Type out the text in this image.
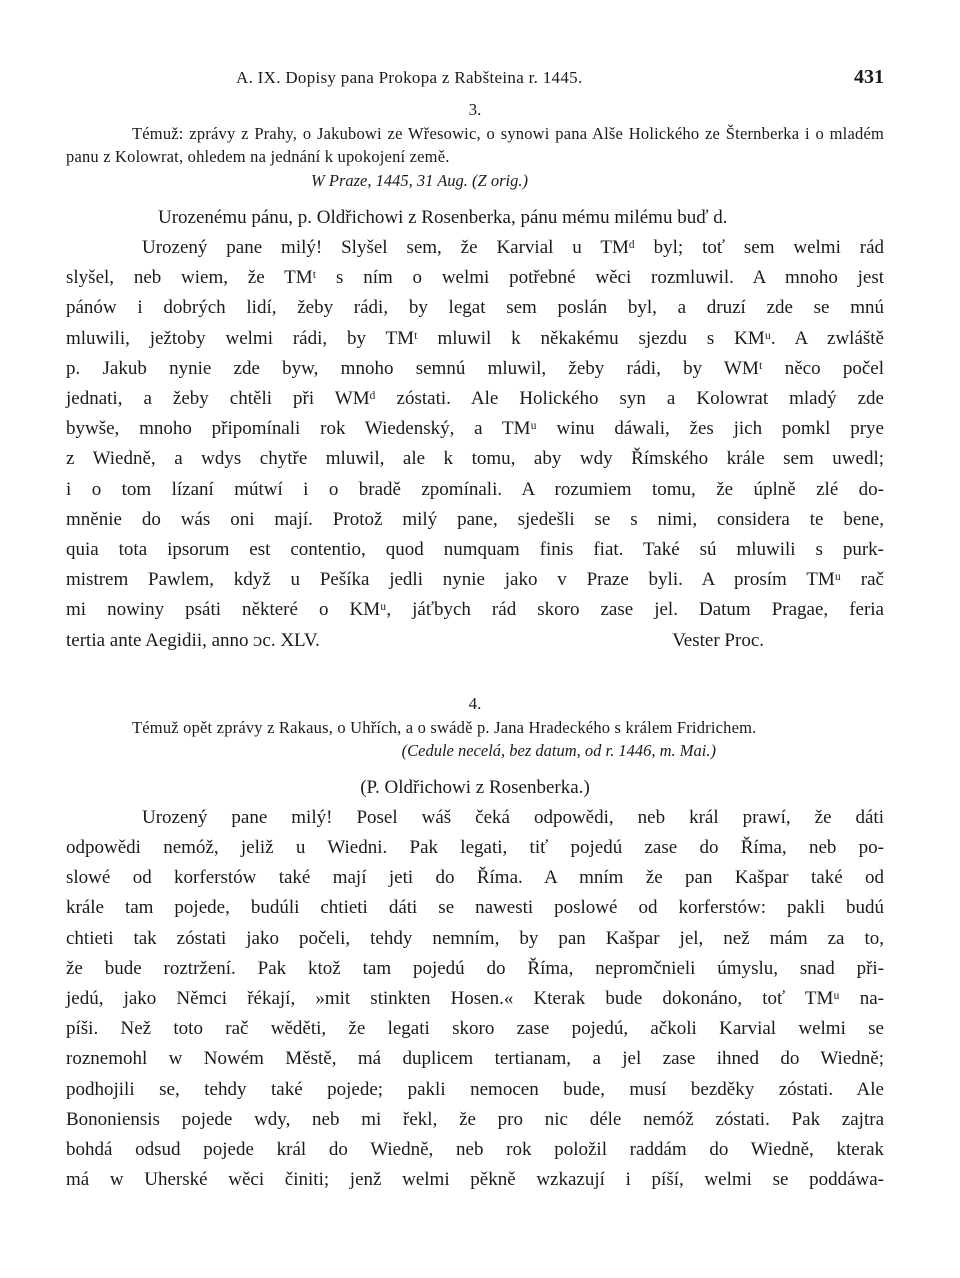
A. IX. Dopisy pana Prokopa z Rabšteina r. 1445.	431
3.
Témuž: zprávy z Prahy, o Jakubowi ze Wřesowic, o synowi pana Alše Holického ze Šternberka i o mladém panu z Kolowrat, ohledem na jednání k upokojení země.
W Praze, 1445, 31 Aug. (Z orig.)
Urozenému pánu, p. Oldřichowi z Rosenberka, pánu mému milému buď d.
Urozený pane milý! Slyšel sem, že Karvial u TMᵈ byl; toť sem welmi rád
slyšel, neb wiem, že TMᵗ s ním o welmi potřebné wěci rozmluwil. A mnoho jest
pánów i dobrých lidí, žeby rádi, by legat sem poslán byl, a druzí zde se mnú
mluwili, ježtoby welmi rádi, by TMᵗ mluwil k někakému sjezdu s KMᵘ. A zwláště
p. Jakub nynie zde byw, mnoho semnú mluwil, žeby rádi, by WMᵗ něco počel
jednati, a žeby chtěli při WMᵈ zóstati. Ale Holického syn a Kolowrat mladý zde
bywše, mnoho připomínali rok Wiedenský, a TMᵘ winu dáwali, žes jich pomkl prye
z Wiedně, a wdys chytře mluwil, ale k tomu, aby wdy Římského krále sem uwedl;
i o tom lízaní mútwí i o bradě zpomínali. A rozumiem tomu, že úplně zlé do-
mněnie do wás oni mají. Protož milý pane, sjedešli se s nimi, considera te bene,
quia tota ipsorum est contentio, quod numquam finis fiat. Také sú mluwili s purk-
mistrem Pawlem, když u Pešíka jedli nynie jako v Praze byli. A prosím TMᵘ rač
mi nowiny psáti některé o KMᵘ, jáťbych rád skoro zase jel. Datum Pragae, feria
tertia ante Aegidii, anno ᴐc. XLV.	Vester Proc.
4.
Témuž opět zprávy z Rakaus, o Uhřích, a o swádě p. Jana Hradeckého s králem Fridrichem.
(Cedule necelá, bez datum, od r. 1446, m. Mai.)
(P. Oldřichowi z Rosenberka.)
Urozený pane milý! Posel wáš čeká odpowědi, neb král prawí, že dáti
odpowědi nemóž, jeliž u Wiedni. Pak legati, tiť pojedú zase do Říma, neb po-
slowé od korferstów také mají jeti do Říma. A mním že pan Kašpar také od
krále tam pojede, budúli chtieti dáti se nawesti poslowé od korferstów: pakli budú
chtieti tak zóstati jako počeli, tehdy nemním, by pan Kašpar jel, než mám za to,
že bude roztržení. Pak ktož tam pojedú do Říma, nepromčnieli úmyslu, snad při-
jedú, jako Němci řékají, »mit stinkten Hosen.« Kterak bude dokonáno, toť TMᵘ na-
píši. Než toto rač wěděti, že legati skoro zase pojedú, ačkoli Karvial welmi se
roznemohl w Nowém Městě, má duplicem tertianam, a jel zase ihned do Wiedně;
podhojili se, tehdy také pojede; pakli nemocen bude, musí bezděky zóstati. Ale
Bononiensis pojede wdy, neb mi řekl, že pro nic déle nemóž zóstati. Pak zajtra
bohdá odsud pojede král do Wiedně, neb rok položil raddám do Wiedně, kterak
má w Uherské wěci činiti; jenž welmi pěkně wzkazují i píší, welmi se poddáwa-
